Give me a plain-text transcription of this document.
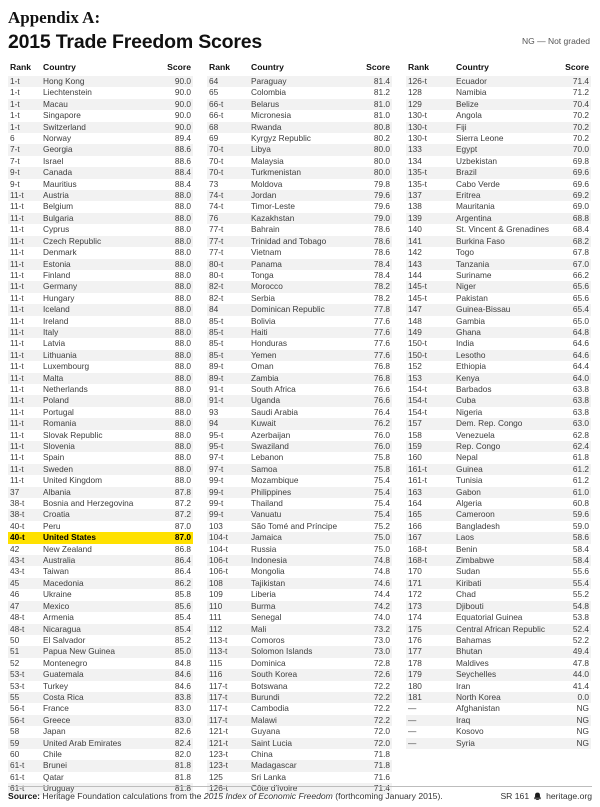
Appendix A:
2015 Trade Freedom Scores	NG — Not graded
Rank	Country	Score
1-t	Hong Kong	90.0
1-t	Liechtenstein	90.0
1-t	Macau	90.0
1-t	Singapore	90.0
1-t	Switzerland	90.0
6	Norway	89.4
7-t	Georgia	88.6
7-t	Israel	88.6
9-t	Canada	88.4
9-t	Mauritius	88.4
11-t	Austria	88.0
11-t	Belgium	88.0
11-t	Bulgaria	88.0
11-t	Cyprus	88.0
11-t	Czech Republic	88.0
11-t	Denmark	88.0
11-t	Estonia	88.0
11-t	Finland	88.0
11-t	Germany	88.0
11-t	Hungary	88.0
11-t	Iceland	88.0
11-t	Ireland	88.0
11-t	Italy	88.0
11-t	Latvia	88.0
11-t	Lithuania	88.0
11-t	Luxembourg	88.0
11-t	Malta	88.0
11-t	Netherlands	88.0
11-t	Poland	88.0
11-t	Portugal	88.0
11-t	Romania	88.0
11-t	Slovak Republic	88.0
11-t	Slovenia	88.0
11-t	Spain	88.0
11-t	Sweden	88.0
11-t	United Kingdom	88.0
37	Albania	87.8
38-t	Bosnia and Herzegovina	87.2
38-t	Croatia	87.2
40-t	Peru	87.0
40-t	United States	87.0
42	New Zealand	86.8
43-t	Australia	86.4
43-t	Taiwan	86.4
45	Macedonia	86.2
46	Ukraine	85.8
47	Mexico	85.6
48-t	Armenia	85.4
48-t	Nicaragua	85.4
50	El Salvador	85.2
51	Papua New Guinea	85.0
52	Montenegro	84.8
53-t	Guatemala	84.6
53-t	Turkey	84.6
55	Costa Rica	83.8
56-t	France	83.0
56-t	Greece	83.0
58	Japan	82.6
59	United Arab Emirates	82.4
60	Chile	82.0
61-t	Brunei	81.8
61-t	Qatar	81.8
61-t	Uruguay	81.8
Rank	Country	Score
64	Paraguay	81.4
65	Colombia	81.2
66-t	Belarus	81.0
66-t	Micronesia	81.0
68	Rwanda	80.8
69	Kyrgyz Republic	80.2
70-t	Libya	80.0
70-t	Malaysia	80.0
70-t	Turkmenistan	80.0
73	Moldova	79.8
74-t	Jordan	79.6
74-t	Timor-Leste	79.6
76	Kazakhstan	79.0
77-t	Bahrain	78.6
77-t	Trinidad and Tobago	78.6
77-t	Vietnam	78.6
80-t	Panama	78.4
80-t	Tonga	78.4
82-t	Morocco	78.2
82-t	Serbia	78.2
84	Dominican Republic	77.8
85-t	Bolivia	77.6
85-t	Haiti	77.6
85-t	Honduras	77.6
85-t	Yemen	77.6
89-t	Oman	76.8
89-t	Zambia	76.8
91-t	South Africa	76.6
91-t	Uganda	76.6
93	Saudi Arabia	76.4
94	Kuwait	76.2
95-t	Azerbaijan	76.0
95-t	Swaziland	76.0
97-t	Lebanon	75.8
97-t	Samoa	75.8
99-t	Mozambique	75.4
99-t	Philippines	75.4
99-t	Thailand	75.4
99-t	Vanuatu	75.4
103	São Tomé and Príncipe	75.2
104-t	Jamaica	75.0
104-t	Russia	75.0
106-t	Indonesia	74.8
106-t	Mongolia	74.8
108	Tajikistan	74.6
109	Liberia	74.4
110	Burma	74.2
111	Senegal	74.0
112	Mali	73.2
113-t	Comoros	73.0
113-t	Solomon Islands	73.0
115	Dominica	72.8
116	South Korea	72.6
117-t	Botswana	72.2
117-t	Burundi	72.2
117-t	Cambodia	72.2
117-t	Malawi	72.2
121-t	Guyana	72.0
121-t	Saint Lucia	72.0
123-t	China	71.8
123-t	Madagascar	71.8
125	Sri Lanka	71.6
126-t	Côte d'Ivoire	71.4
Rank	Country	Score
126-t	Ecuador	71.4
128	Namibia	71.2
129	Belize	70.4
130-t	Angola	70.2
130-t	Fiji	70.2
130-t	Sierra Leone	70.2
133	Egypt	70.0
134	Uzbekistan	69.8
135-t	Brazil	69.6
135-t	Cabo Verde	69.6
137	Eritrea	69.2
138	Mauritania	69.0
139	Argentina	68.8
140	St. Vincent & Grenadines	68.4
141	Burkina Faso	68.2
142	Togo	67.8
143	Tanzania	67.0
144	Suriname	66.2
145-t	Niger	65.6
145-t	Pakistan	65.6
147	Guinea-Bissau	65.4
148	Gambia	65.0
149	Ghana	64.8
150-t	India	64.6
150-t	Lesotho	64.6
152	Ethiopia	64.4
153	Kenya	64.0
154-t	Barbados	63.8
154-t	Cuba	63.8
154-t	Nigeria	63.8
157	Dem. Rep. Congo	63.0
158	Venezuela	62.8
159	Rep. Congo	62.4
160	Nepal	61.8
161-t	Guinea	61.2
161-t	Tunisia	61.2
163	Gabon	61.0
164	Algeria	60.8
165	Cameroon	59.6
166	Bangladesh	59.0
167	Laos	58.6
168-t	Benin	58.4
168-t	Zimbabwe	58.4
170	Sudan	55.6
171	Kiribati	55.4
172	Chad	55.2
173	Djibouti	54.8
174	Equatorial Guinea	53.8
175	Central African Republic	52.4
176	Bahamas	52.2
177	Bhutan	49.4
178	Maldives	47.8
179	Seychelles	44.0
180	Iran	41.4
181	North Korea	0.0
—	Afghanistan	NG
—	Iraq	NG
—	Kosovo	NG
—	Syria	NG
Source: Heritage Foundation calculations from the 2015 Index of Economic Freedom (forthcoming January 2015).	SR 161 heritage.org
